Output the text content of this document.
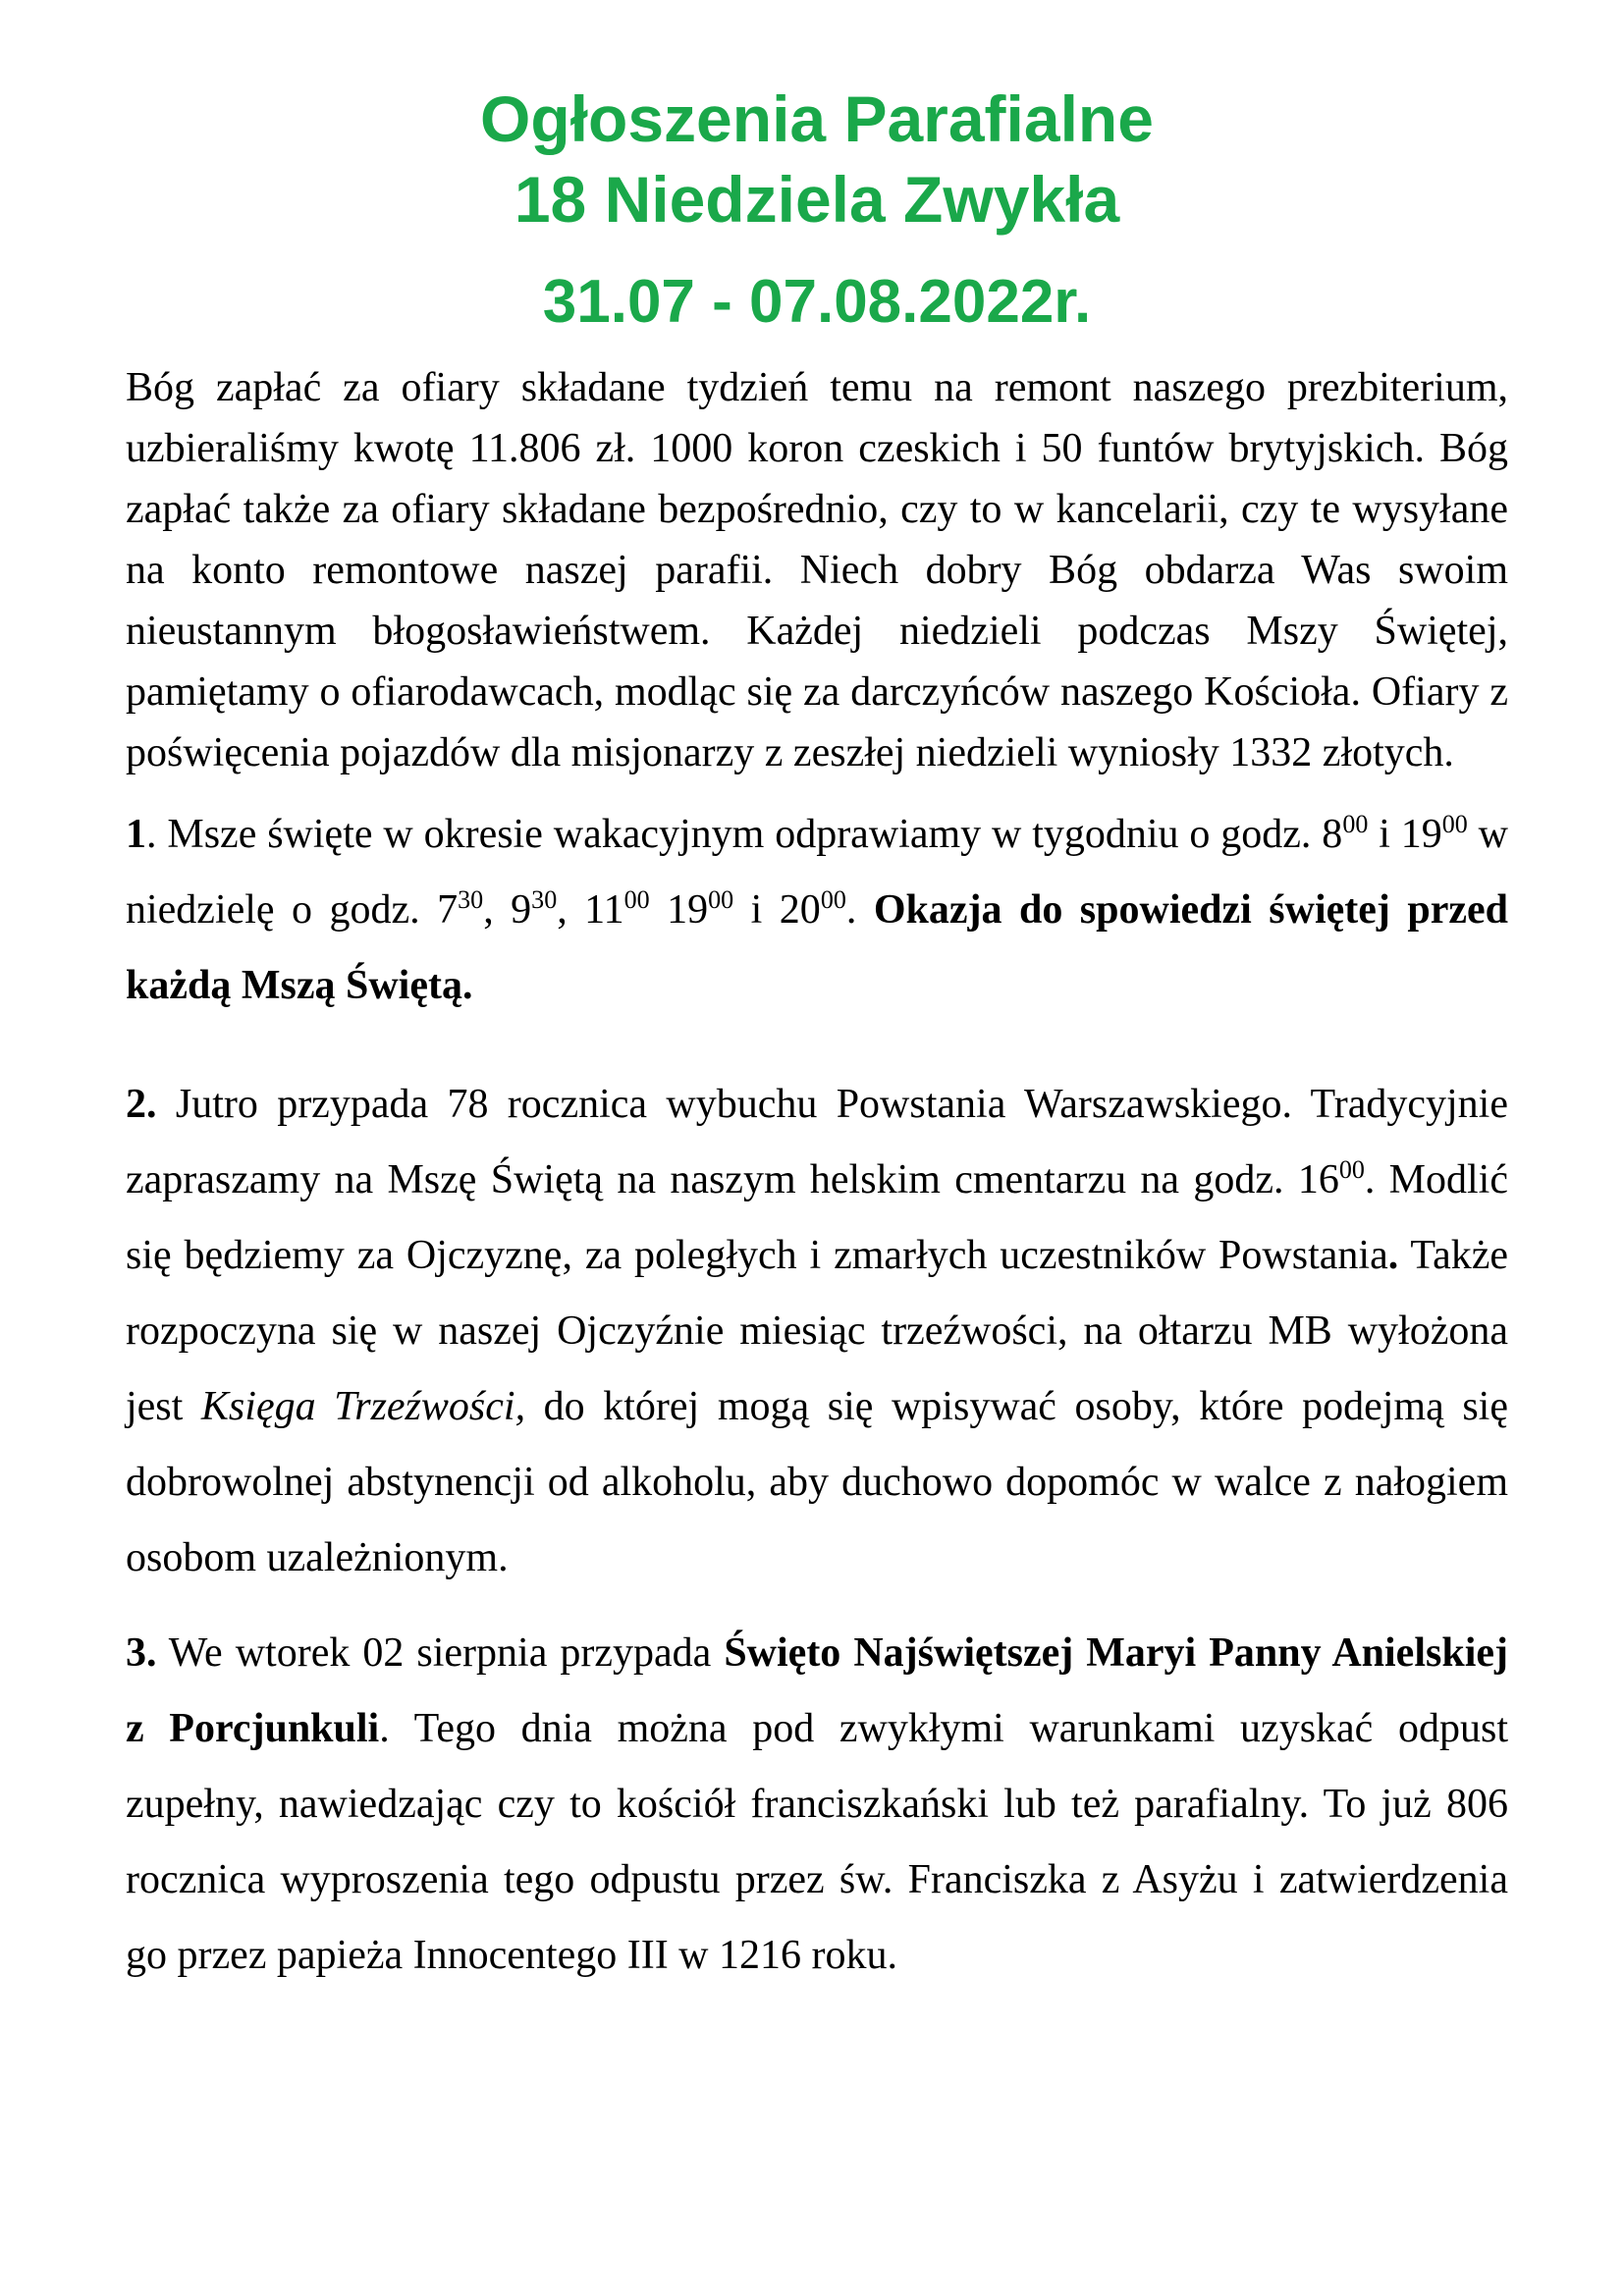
Ogłoszenia Parafialne
18 Niedziela Zwykła
31.07 - 07.08.2022r.

Bóg zapłać za ofiary składane tydzień temu na remont naszego prezbiterium, uzbieraliśmy kwotę 11.806 zł. 1000 koron czeskich i 50 funtów brytyjskich. Bóg zapłać także za ofiary składane bezpośrednio, czy to w kancelarii, czy te wysyłane na konto remontowe naszej parafii. Niech dobry Bóg obdarza Was swoim nieustannym błogosławieństwem. Każdej niedzieli podczas Mszy Świętej, pamiętamy o ofiarodawcach, modląc się za darczyńców naszego Kościoła. Ofiary z poświęcenia pojazdów dla misjonarzy z zeszłej niedzieli wyniosły 1332 złotych.

1. Msze święte w okresie wakacyjnym odprawiamy w tygodniu o godz. $8^{00}$ i $19^{00}$ w niedzielę o godz. $7^{30}$, $9^{30}$, $11^{00}$ $19^{00}$ i $20^{00}$. Okazja do spowiedzi świętej przed każdą Mszą Świętą.

2. Jutro przypada 78 rocznica wybuchu Powstania Warszawskiego. Tradycyjnie zapraszamy na Mszę Świętą na naszym helskim cmentarzu na godz. $16^{00}$. Modlić się będziemy za Ojczyznę, za poległych i zmarłych uczestników Powstania. Także rozpoczyna się w naszej Ojczyźnie miesiąc trzeźwości, na ołtarzu MB wyłożona jest Księga Trzeźwości, do której mogą się wpisywać osoby, które podejmą się dobrowolnej abstynencji od alkoholu, aby duchowo dopomóc w walce z nałogiem osobom uzależnionym.

3. We wtorek 02 sierpnia przypada Święto Najświętszej Maryi Panny Anielskiej z Porcjunkuli. Tego dnia można pod zwykłymi warunkami uzyskać odpust zupełny, nawiedzając czy to kościół franciszkański lub też parafialny. To już 806 rocznica wyproszenia tego odpustu przez św. Franciszka z Asyżu i zatwierdzenia go przez papieża Innocentego III w 1216 roku.
